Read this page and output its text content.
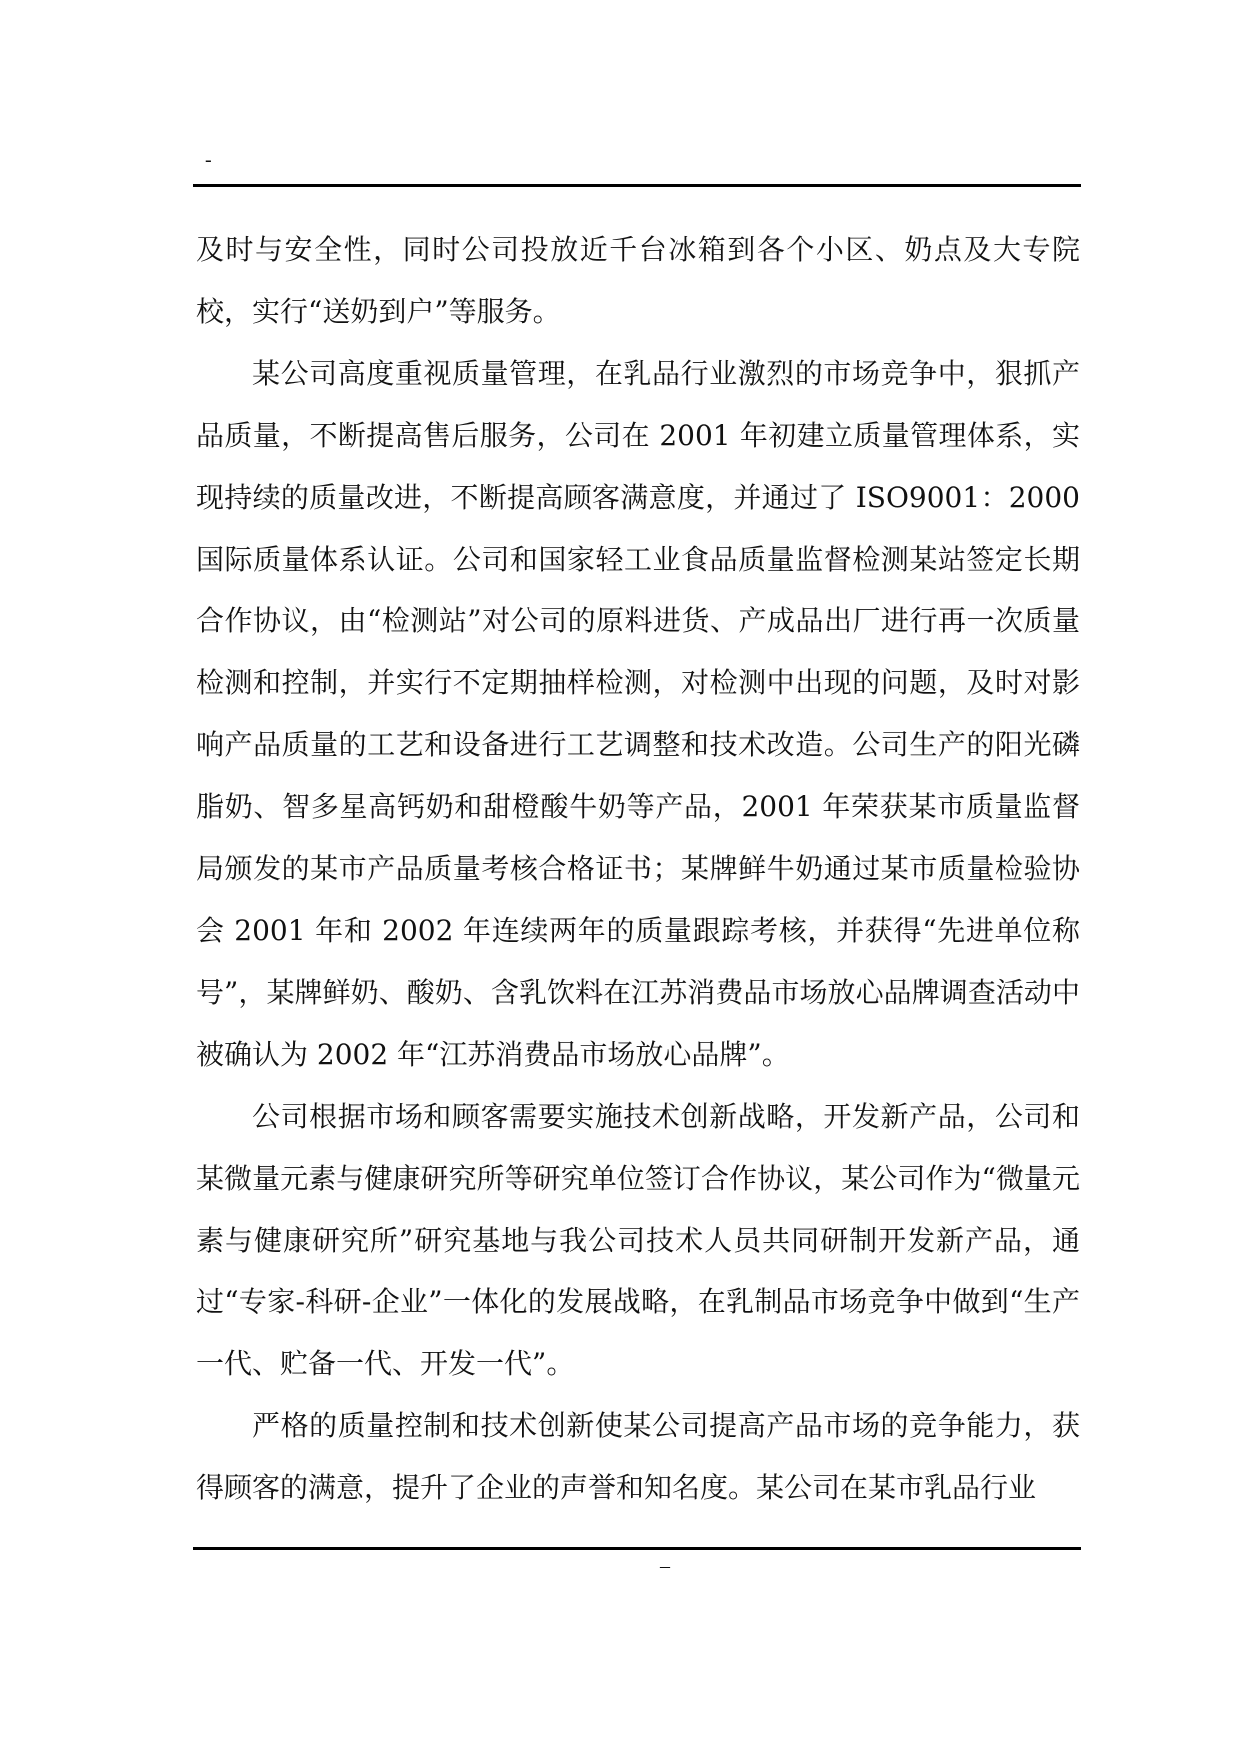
-

及时与安全性，同时公司投放近千台冰箱到各个小区、奶点及大专院校，实行“送奶到户”等服务。

某公司高度重视质量管理，在乳品行业激烈的市场竞争中，狠抓产品质量，不断提高售后服务，公司在 2001 年初建立质量管理体系，实现持续的质量改进，不断提高顾客满意度，并通过了 ISO9001：2000 国际质量体系认证。公司和国家轻工业食品质量监督检测某站签定长期合作协议，由“检测站”对公司的原料进货、产成品出厂进行再一次质量检测和控制，并实行不定期抽样检测，对检测中出现的问题，及时对影响产品质量的工艺和设备进行工艺调整和技术改造。公司生产的阳光磷脂奶、智多星高钙奶和甜橙酸牛奶等产品，2001 年荣获某市质量监督局颁发的某市产品质量考核合格证书；某牌鲜牛奶通过某市质量检验协会 2001 年和 2002 年连续两年的质量跟踪考核，并获得“先进单位称号”，某牌鲜奶、酸奶、含乳饮料在江苏消费品市场放心品牌调查活动中被确认为 2002 年“江苏消费品市场放心品牌”。

公司根据市场和顾客需要实施技术创新战略，开发新产品，公司和某微量元素与健康研究所等研究单位签订合作协议，某公司作为“微量元素与健康研究所”研究基地与我公司技术人员共同研制开发新产品，通过“专家-科研-企业”一体化的发展战略，在乳制品市场竞争中做到“生产一代、贮备一代、开发一代”。

严格的质量控制和技术创新使某公司提高产品市场的竞争能力，获得顾客的满意，提升了企业的声誉和知名度。某公司在某市乳品行业

–
